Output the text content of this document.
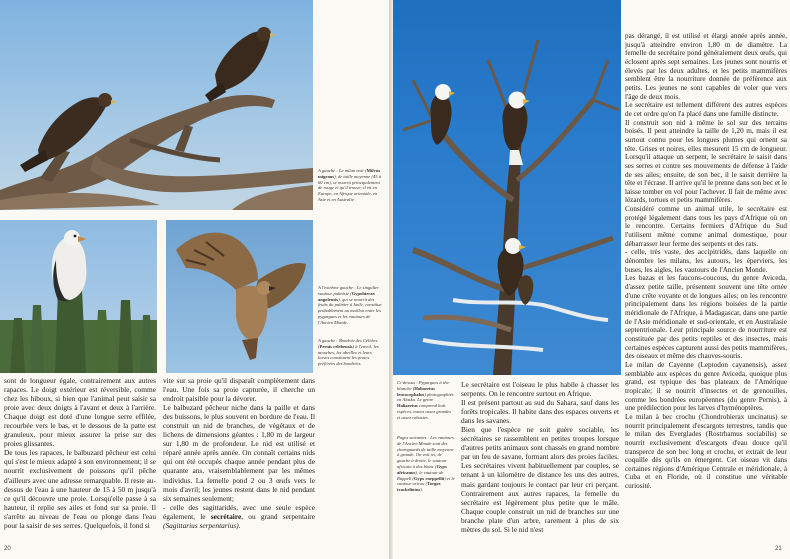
A gauche : Le milan noir (Milvus migrans), de taille moyenne (45 à 60 cm), se nourrit principalement de rouge et qu'il trouve; il vit en Europe, en Afrique orientale, en Asie et en Australie.
A l'extrême gauche : Le singulier vautour palmiste (Gypohierax angolensis), qui se nourrit des fruits du palmier à huile, constitue probablement un maillon entre les pygargues et les vautours de l'Ancien Monde.
A gauche : Bondrée des Célèbes (Pernis celebensis) à l'envol; les mouches, les abeilles et leurs larves constituent les proies préférées des bondrées.

sont de longueur égale, contrairement aux autres rapaces. Le doigt extérieur est réversible, comme chez les hiboux, si bien que l'animal peut saisir sa proie avec deux doigts à l'avant et deux à l'arrière. Chaque doigt est doté d'une longue serre effilée, recourbée vers le bas, et le dessous de la patte est granuleux, pour mieux assurer la prise sur des proies glissantes.

De tous les rapaces, le balbuzard pêcheur est celui qui s'est le mieux adapté à son environnement; il se nourrit exclusivement de poissons qu'il pêche d'ailleurs avec une adresse remarquable. Il reste au-dessus de l'eau à une hauteur de 15 à 50 m jusqu'à ce qu'il découvre une proie. Lorsqu'elle passe à sa hauteur, il replie ses ailes et fond sur sa proie. Il s'arrête au niveau de l'eau ou plonge dans l'eau pour la saisir de ses serres. Quelquefois, il fond si

vite sur sa proie qu'il disparaît complètement dans l'eau. Une fois sa proie capturée, il cherche un endroit paisible pour la dévorer.

Le balbuzard pêcheur niche dans la paille et dans des buissons, le plus souvent en bordure de l'eau. Il construit un nid de branches, de végétaux et de lichens de dimensions géantes : 1,80 m de largeur sur 1,80 m de profondeur. Le nid est utilisé et réparé année après année. On connaît certains nids qui ont été occupés chaque année pendant plus de quarante ans, vraisemblablement par les mêmes individus. La femelle pond 2 ou 3 œufs vers le mois d'avril; les jeunes restent dans le nid pendant six semaines seulement;

- celle des sagittaridés, avec une seule espèce également, le secrétaire, ou grand serpentaire (Sagittarius serpentarius).

20
Ci-dessus : Pygargues à tête blanche (Haliaeetus leucocephalus) photographiés en Alaska. Le genre Haliaeetus comprend huit espèces, toutes assez grandes et assez robustes.
Pages suivantes : Les vautours de l'Ancien Monde sont des charognards de taille moyenne à grande. On voit ici, de gauche à droite, le vautour africain à dos blanc (Gyps africanus), le vautour de Rüppell (Gyps rueppellii) et le vautour oricou (Torgos tracheliotus).

Le secrétaire est l'oiseau le plus habile à chasser les serpents. On le rencontre surtout en Afrique.

Il est présent partout au sud du Sahara, sauf dans les forêts tropicales. Il habite dans des espaces ouverts et dans les savanes.

Bien que l'espèce ne soit guère sociable, les secrétaires se rassemblent en petites troupes lorsque d'autres petits animaux sont chassés en grand nombre par un feu de savane, formant alors des proies faciles. Les secrétaires vivent habituellement par couples, se tenant à un kilomètre de distance les uns des autres, mais gardant toujours le contact par leur cri perçant. Contrairement aux autres rapaces, la femelle du secrétaire est légèrement plus petite que le mâle. Chaque couple construit un nid de branches sur une branche plate d'un arbre, rarement à plus de six mètres du sol. Si le nid n'est

pas dérangé, il est utilisé et élargi année après année, jusqu'à atteindre environ 1,80 m de diamètre. La femelle du secrétaire pond généralement deux œufs, qui éclosent après sept semaines. Les jeunes sont nourris et élevés par les deux adultes, et les petits mammifères semblent être la nourriture donnée de préférence aux petits. Les jeunes ne sont capables de voler que vers l'âge de deux mois.

Le secrétaire est tellement différent des autres espèces de cet ordre qu'on l'a placé dans une famille distincte.

Il construit son nid à même le sol sur des terrains boisés. Il peut atteindre la taille de 1,20 m, mais il est surtout connu pour les longues plumes qui ornent sa tête. Grises et noires, elles mesurent 15 cm de longueur. Lorsqu'il attaque un serpent, le secrétaire le saisit dans ses serres et contre ses mouvements de défense à l'aide de ses ailes; ensuite, de son bec, il le saisit derrière la tête et l'écrase. Il arrive qu'il le prenne dans son bec et le laisse tomber en vol pour l'achever. Il fait de même avec lézards, tortues et petits mammifères.

Considéré comme un animal utile, le secrétaire est protégé légalement dans tous les pays d'Afrique où on le rencontre. Certains fermiers d'Afrique du Sud l'utilisent même comme animal domestique, pour débarrasser leur ferme des serpents et des rats.

- celle, très vaste, des accipitridés, dans laquelle on dénombre les milans, les autours, les éperviers, les buses, les aigles, les vautours de l'Ancien Monde.

Les bazas et les faucons-coucous, du genre Aviceda, d'assez petite taille, présentent souvent une tête ornée d'une crête voyante et de longues ailes; on les rencontre principalement dans les régions boisées de la partie méridionale de l'Afrique, à Madagascar, dans une partie de l'Asie méridionale et sud-orientale, et en Australasie septentrionale. Leur principale source de nourriture est constituée par des petits reptiles et des insectes, mais certaines espèces capturent aussi des petits mammifères, des oiseaux et même des chauves-souris.

Le milan de Cayenne (Leptodon cayanensis), assez semblable aux espèces du genre Aviceda, quoique plus grand, est typique des bas plateaux de l'Amérique tropicale; il se nourrit d'insectes et de grenouilles, comme les bondrées européennes (du genre Pernis), à une prédilection pour les larves d'hyménoptères.

Le milan à bec crochu (Chondrohierax uncinatus) se nourrit principalement d'escargots terrestres, tandis que le milan des Everglades (Rostrhamus sociabilis) se nourrit exclusivement d'escargots d'eau douce qu'il transperce de son bec long et crochu, et extrait de leur coquille dès qu'ils en émergent. Cet oiseau vit dans certaines régions d'Amérique Centrale et méridionale, à Cuba et en Floride, où il constitue une véritable curiosité.

21
